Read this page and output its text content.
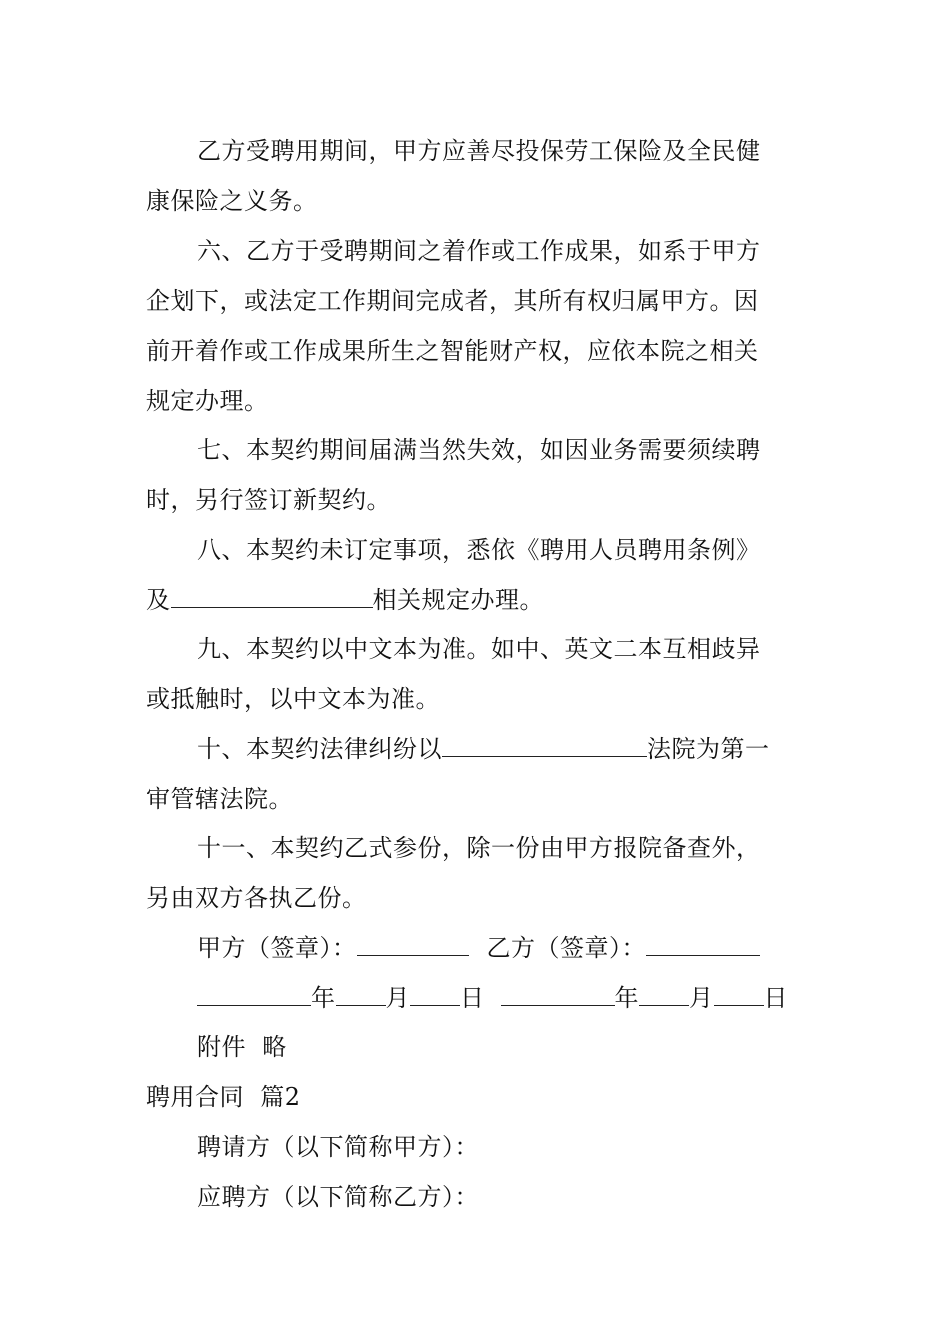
乙方受聘用期间，甲方应善尽投保劳工保险及全民健
康保险之义务。
六、乙方于受聘期间之着作或工作成果，如系于甲方
企划下，或法定工作期间完成者，其所有权归属甲方。因
前开着作或工作成果所生之智能财产权，应依本院之相关
规定办理。
七、本契约期间届满当然失效，如因业务需要须续聘
时，另行签订新契约。
八、本契约未订定事项，悉依《聘用人员聘用条例》
及	相关规定办理。
九、本契约以中文本为准。如中、英文二本互相歧异
或抵触时，以中文本为准。
十、本契约法律纠纷以	法院为第一
审管辖法院。
十一、本契约乙式参份，除一份由甲方报院备查外，
另由双方各执乙份。
甲方（签章）：	乙方（签章）：
年 月 日	年 月 日
附件  略
聘用合同  篇2
聘请方（以下简称甲方）：
应聘方（以下简称乙方）：
